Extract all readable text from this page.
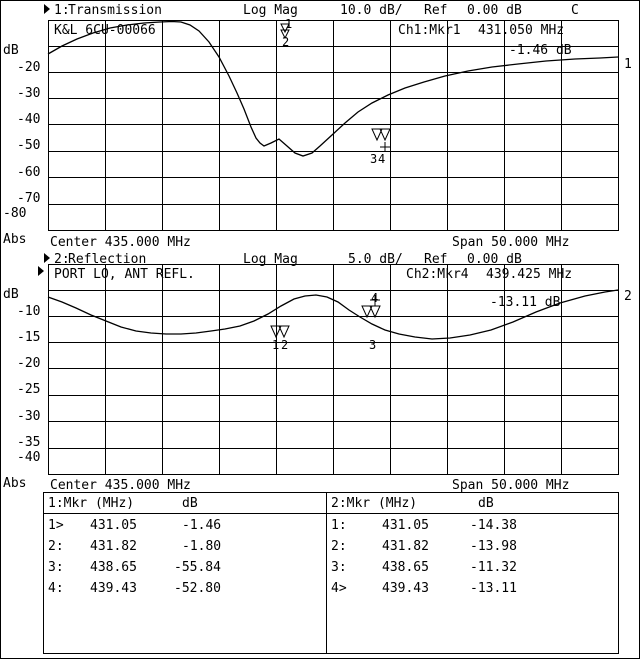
1:
Transmission	Log Mag	10.0 dB/ Ref 0.00 dB	C
K&L 6CU-00066	Ch1:Mkr1 431.050 MHz
-1.46 dB
1
dB
-20
-30
-40
-50
-60
-70
-80
Abs
2
1
3 4
Center 435.000 MHz	Span 50.000 MHz
2:
Reflection	Log Mag	5.0 dB/ Ref 0.00 dB
PORT LO, ANT REFL.	Ch2:Mkr4 439.425 MHz
-13.11 dB	2
dB
-10
-15
-20
-25
-30
-35
-40
Abs
1 2	3
4
Center 435.000 MHz	Span 50.000 MHz
1:Mkr (MHz)	dB
1> 431.05	-1.46
2: 431.82	-1.80
3: 438.65	-55.84
4: 439.43	-52.80
2:Mkr (MHz)	dB
1:	431.05	-14.38
2:	431.82	-13.98
3:	438.65	-11.32
4>	439.43	-13.11
